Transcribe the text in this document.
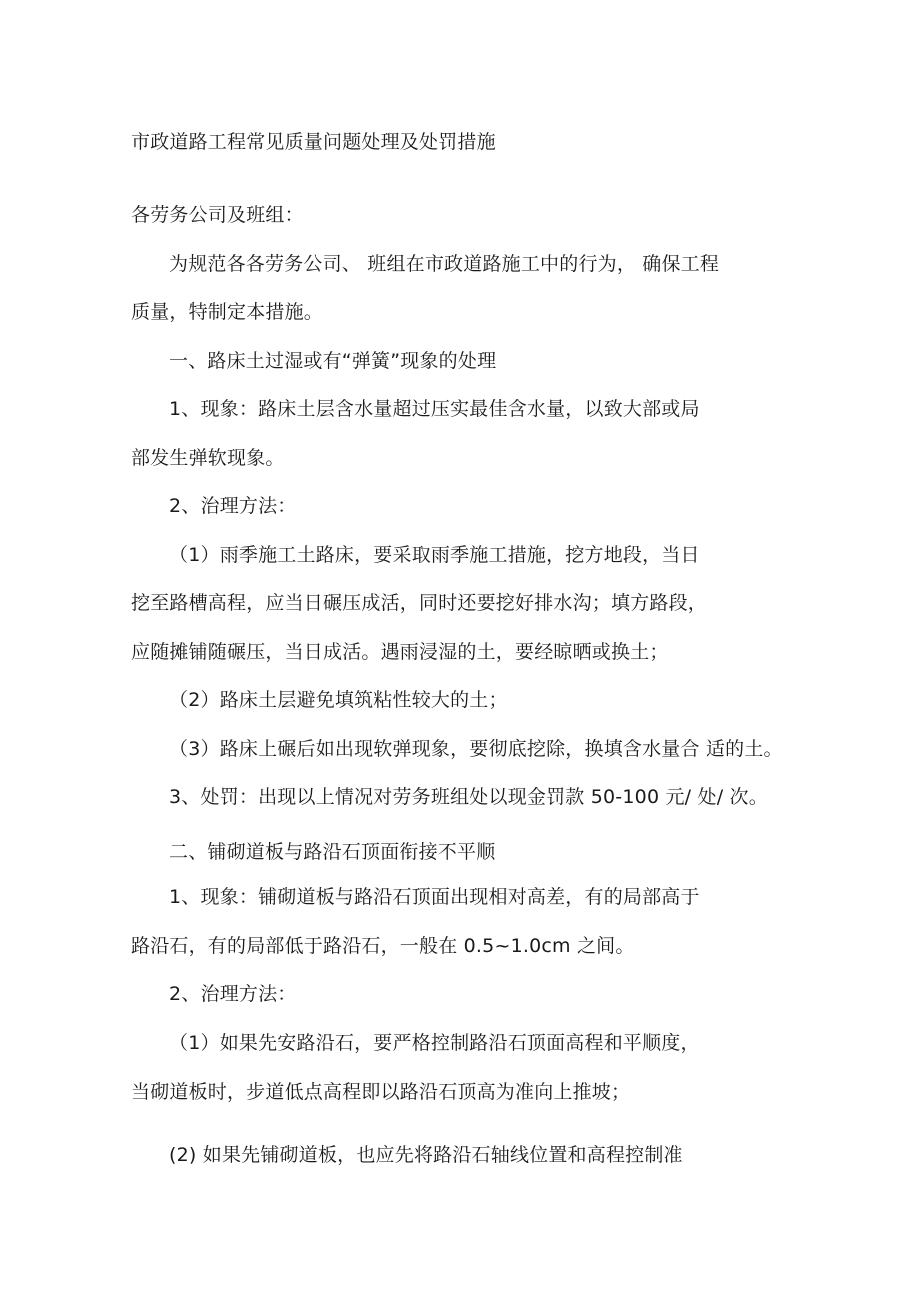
市政道路工程常见质量问题处理及处罚措施
各劳务公司及班组：
为规范各各劳务公司、 班组在市政道路施工中的行为， 确保工程
质量，特制定本措施。
一、路床土过湿或有“弹簧”现象的处理
1、现象：路床土层含水量超过压实最佳含水量，以致大部或局
部发生弹软现象。
2、治理方法：
（1）雨季施工土路床，要采取雨季施工措施，挖方地段，当日
挖至路槽高程，应当日碾压成活，同时还要挖好排水沟；填方路段，
应随摊铺随碾压，当日成活。遇雨浸湿的土，要经晾晒或换土；
（2）路床土层避免填筑粘性较大的土；
（3）路床上碾后如出现软弹现象，要彻底挖除，换填含水量合 适的土。
3、处罚：出现以上情况对劳务班组处以现金罚款 50-100 元/ 处/ 次。
二、铺砌道板与路沿石顶面衔接不平顺
1、现象：铺砌道板与路沿石顶面出现相对高差，有的局部高于
路沿石，有的局部低于路沿石，一般在 0.5~1.0cm 之间。
2、治理方法：
（1）如果先安路沿石，要严格控制路沿石顶面高程和平顺度，
当砌道板时，步道低点高程即以路沿石顶高为准向上推坡；
(2) 如果先铺砌道板，也应先将路沿石轴线位置和高程控制准
